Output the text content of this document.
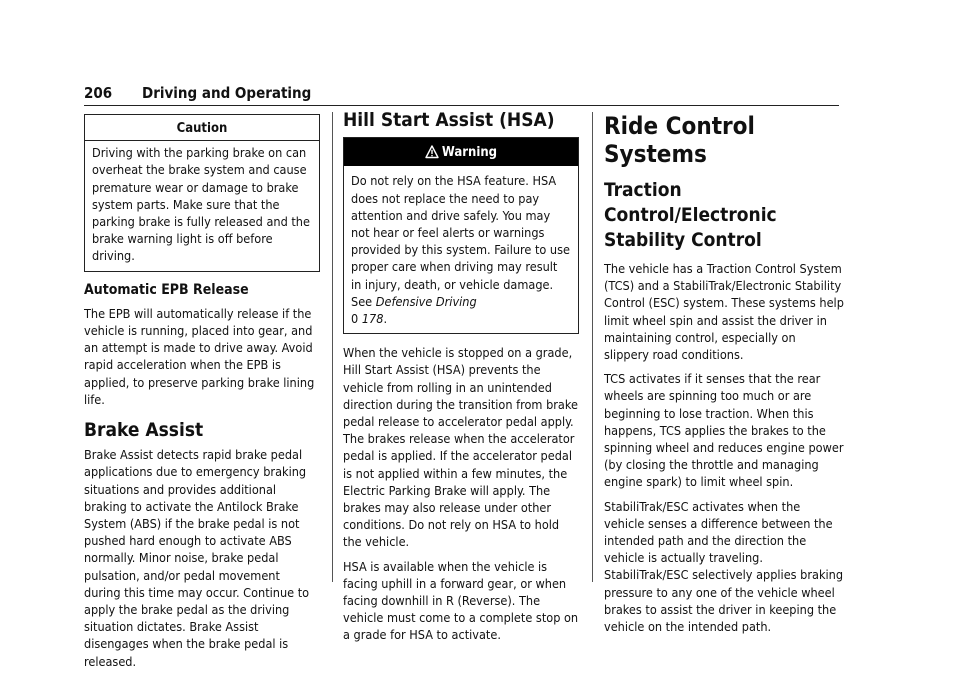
206 Driving and Operating
Caution
Driving with the parking brake on can overheat the brake system and cause premature wear or damage to brake system parts. Make sure that the parking brake is fully released and the brake warning light is off before driving.
Automatic EPB Release

The EPB will automatically release if the vehicle is running, placed into gear, and an attempt is made to drive away. Avoid rapid acceleration when the EPB is applied, to preserve parking brake lining life.

Brake Assist

Brake Assist detects rapid brake pedal applications due to emergency braking situations and provides additional braking to activate the Antilock Brake System (ABS) if the brake pedal is not pushed hard enough to activate ABS normally. Minor noise, brake pedal pulsation, and/or pedal movement during this time may occur. Continue to apply the brake pedal as the driving situation dictates. Brake Assist disengages when the brake pedal is released.

Hill Start Assist (HSA)
Warning
Do not rely on the HSA feature. HSA does not replace the need to pay attention and drive safely. You may not hear or feel alerts or warnings provided by this system. Failure to use proper care when driving may result in injury, death, or vehicle damage. See Defensive Driving
0 178.

When the vehicle is stopped on a grade, Hill Start Assist (HSA) prevents the vehicle from rolling in an unintended direction during the transition from brake pedal release to accelerator pedal apply. The brakes release when the accelerator pedal is applied. If the accelerator pedal is not applied within a few minutes, the Electric Parking Brake will apply. The brakes may also release under other conditions. Do not rely on HSA to hold the vehicle.

HSA is available when the vehicle is facing uphill in a forward gear, or when facing downhill in R (Reverse). The vehicle must come to a complete stop on a grade for HSA to activate.

Ride Control Systems
Traction Control/Electronic Stability Control

The vehicle has a Traction Control System (TCS) and a StabiliTrak/Electronic Stability Control (ESC) system. These systems help limit wheel spin and assist the driver in maintaining control, especially on slippery road conditions.

TCS activates if it senses that the rear wheels are spinning too much or are beginning to lose traction. When this happens, TCS applies the brakes to the spinning wheel and reduces engine power (by closing the throttle and managing engine spark) to limit wheel spin.

StabiliTrak/ESC activates when the vehicle senses a difference between the intended path and the direction the vehicle is actually traveling. StabiliTrak/ESC selectively applies braking pressure to any one of the vehicle wheel brakes to assist the driver in keeping the vehicle on the intended path.
